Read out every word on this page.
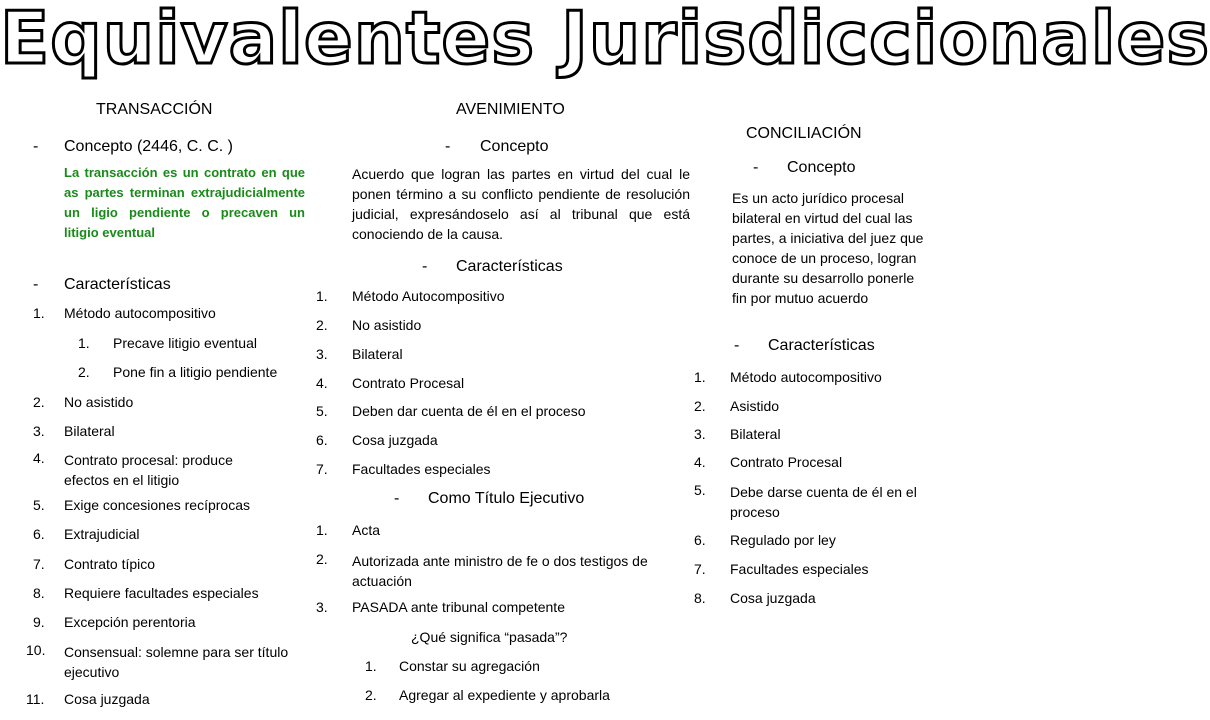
Equivalentes Jurisdiccionales
TRANSACCIÓN
- Concepto (2446, C. C. )
La transacción es un contrato en que as partes terminan extrajudicialmente un ligio pendiente o precaven un litigio eventual
- Características
1. Método autocompositivo
1. Precave litigio eventual
2. Pone fin a litigio pendiente
2. No asistido
3. Bilateral
4. Contrato procesal: produce efectos en el litigio
5. Exige concesiones recíprocas
6. Extrajudicial
7. Contrato típico
8. Requiere facultades especiales
9. Excepción perentoria
10. Consensual: solemne para ser título ejecutivo
11. Cosa juzgada
AVENIMIENTO
- Concepto
Acuerdo que logran las partes en virtud del cual le ponen término a su conflicto pendiente de resolución judicial, expresándoselo así al tribunal que está conociendo de la causa.
- Características
1. Método Autocompositivo
2. No asistido
3. Bilateral
4. Contrato Procesal
5. Deben dar cuenta de él en el proceso
6. Cosa juzgada
7. Facultades especiales
- Como Título Ejecutivo
1. Acta
2. Autorizada ante ministro de fe o dos testigos de actuación
3. PASADA ante tribunal competente
¿Qué significa “pasada”?
1. Constar su agregación
2. Agregar al expediente y aprobarla
CONCILIACIÓN
- Concepto
Es un acto jurídico procesal bilateral en virtud del cual las partes, a iniciativa del juez que conoce de un proceso, logran durante su desarrollo ponerle fin por mutuo acuerdo
- Características
1. Método autocompositivo
2. Asistido
3. Bilateral
4. Contrato Procesal
5. Debe darse cuenta de él en el proceso
6. Regulado por ley
7. Facultades especiales
8. Cosa juzgada
